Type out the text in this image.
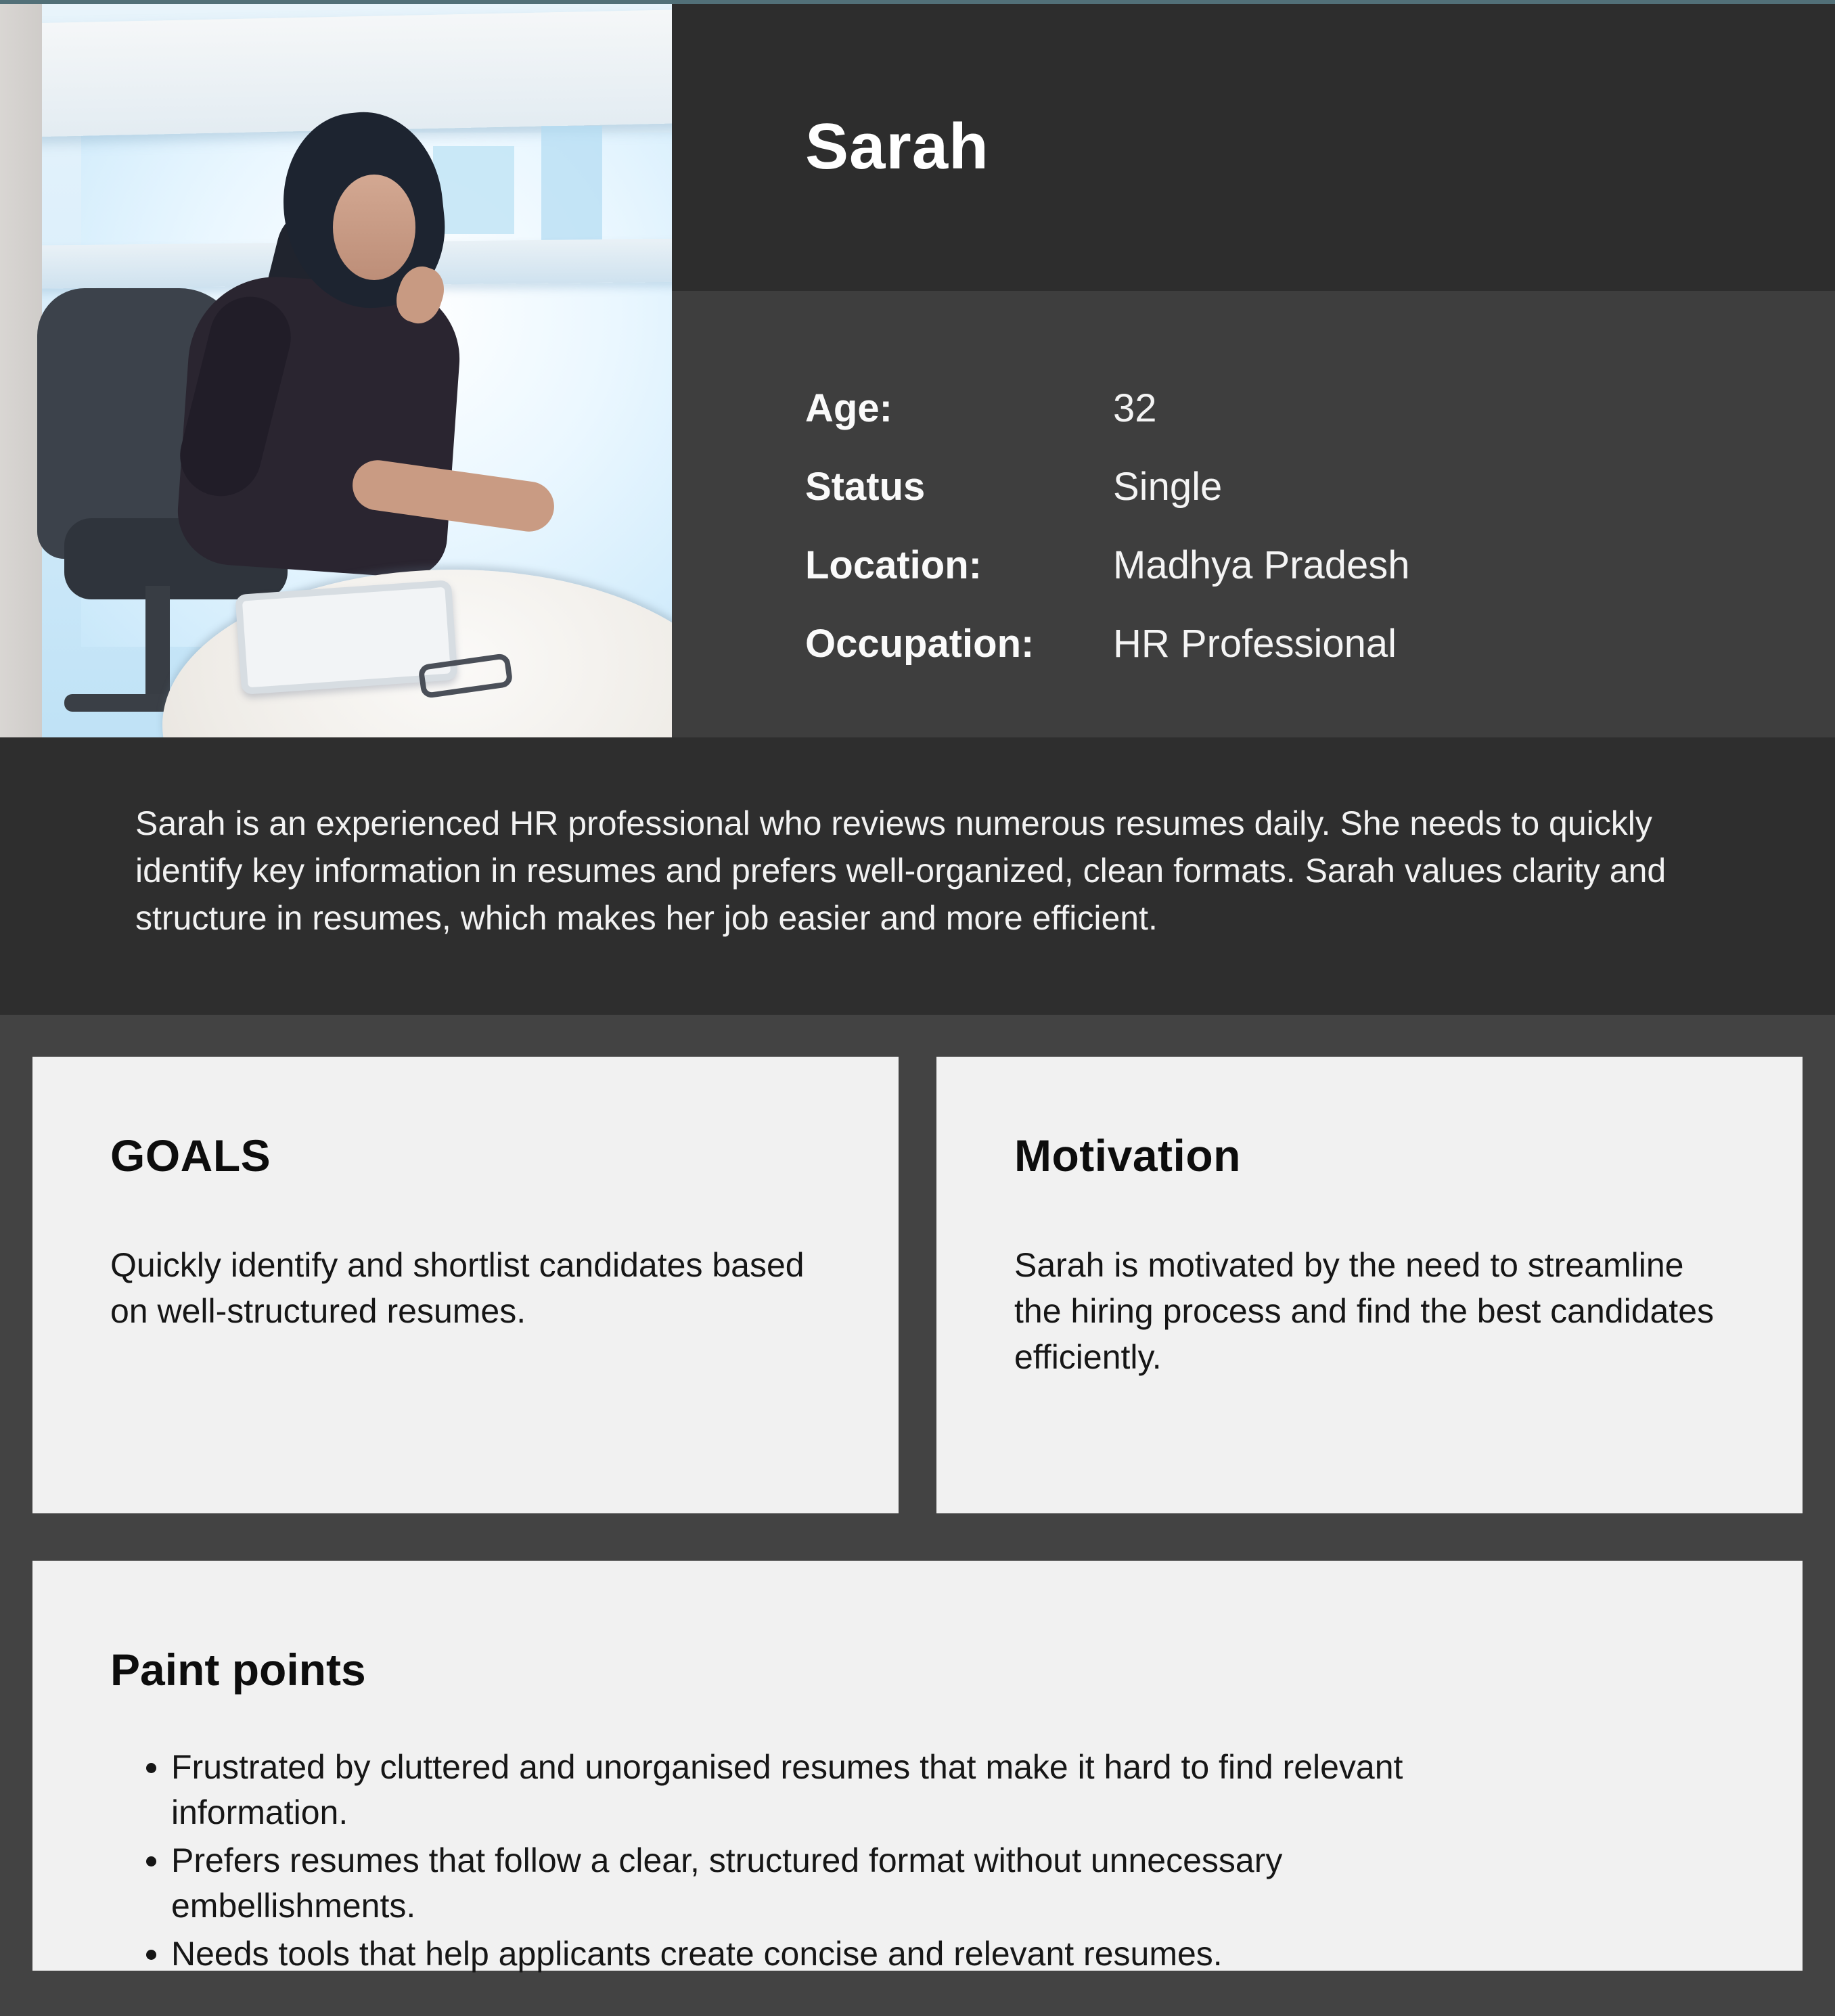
Sarah
Age:	32
Status	Single
Location:	Madhya Pradesh
Occupation:	HR Professional

Sarah is an experienced HR professional who reviews numerous resumes daily. She needs to quickly identify key information in resumes and prefers well-organized, clean formats. Sarah values clarity and structure in resumes, which makes her job easier and more efficient.

GOALS

Quickly identify and shortlist candidates based on well-structured resumes.

Motivation

Sarah is motivated by the need to streamline the hiring process and find the best candidates efficiently.

Paint points
• Frustrated by cluttered and unorganised resumes that make it hard to find relevant information.
• Prefers resumes that follow a clear, structured format without unnecessary embellishments.
• Needs tools that help applicants create concise and relevant resumes.
